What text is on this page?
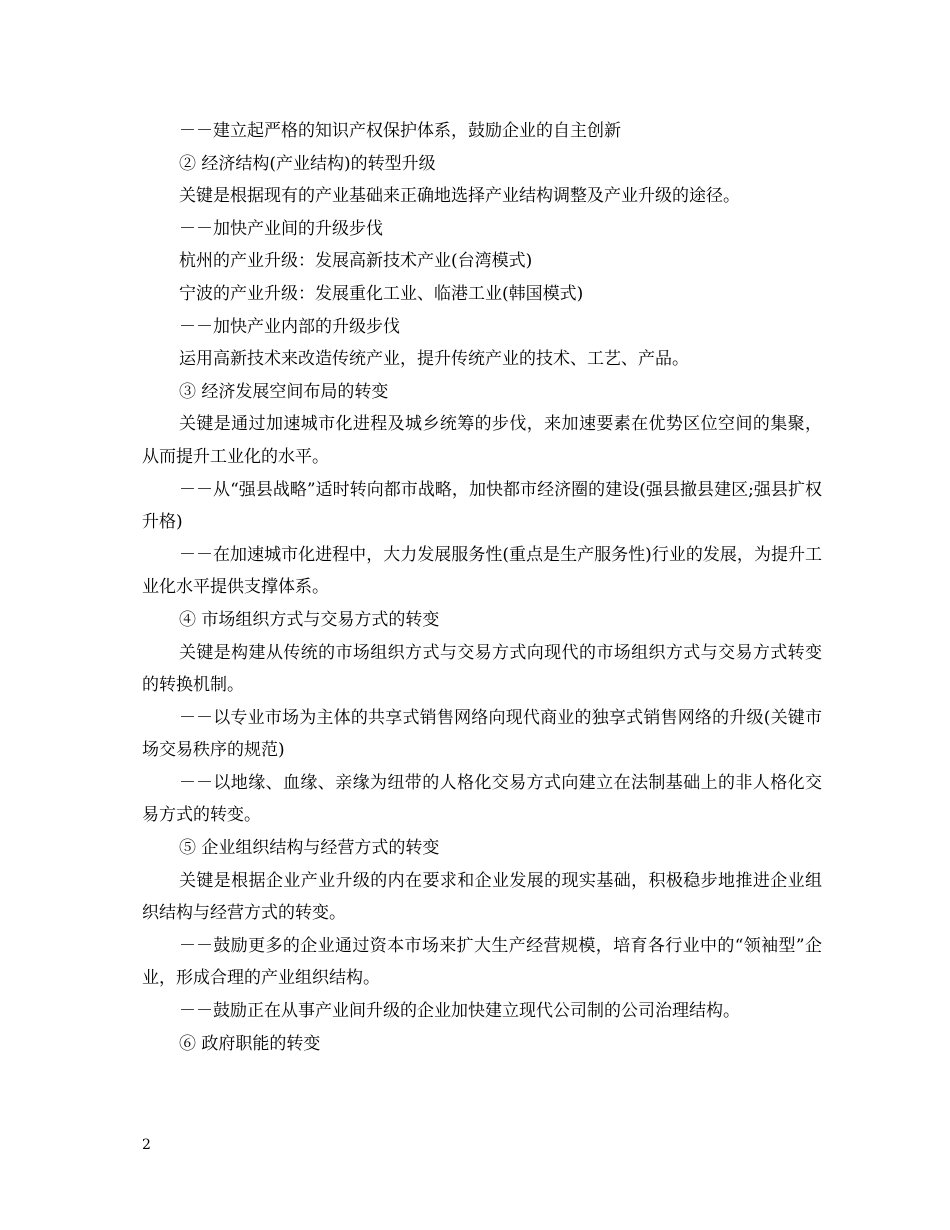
－－建立起严格的知识产权保护体系，鼓励企业的自主创新

② 经济结构(产业结构)的转型升级

关键是根据现有的产业基础来正确地选择产业结构调整及产业升级的途径。

－－加快产业间的升级步伐

杭州的产业升级：发展高新技术产业(台湾模式)

宁波的产业升级：发展重化工业、临港工业(韩国模式)

－－加快产业内部的升级步伐

运用高新技术来改造传统产业，提升传统产业的技术、工艺、产品。

③ 经济发展空间布局的转变

关键是通过加速城市化进程及城乡统筹的步伐，来加速要素在优势区位空间的集聚，从而提升工业化的水平。

－－从“强县战略”适时转向都市战略，加快都市经济圈的建设(强县撤县建区;强县扩权升格)

－－在加速城市化进程中，大力发展服务性(重点是生产服务性)行业的发展，为提升工业化水平提供支撑体系。

④ 市场组织方式与交易方式的转变

关键是构建从传统的市场组织方式与交易方式向现代的市场组织方式与交易方式转变的转换机制。

－－以专业市场为主体的共享式销售网络向现代商业的独享式销售网络的升级(关键市场交易秩序的规范)

－－以地缘、血缘、亲缘为纽带的人格化交易方式向建立在法制基础上的非人格化交易方式的转变。

⑤ 企业组织结构与经营方式的转变

关键是根据企业产业升级的内在要求和企业发展的现实基础，积极稳步地推进企业组织结构与经营方式的转变。

－－鼓励更多的企业通过资本市场来扩大生产经营规模，培育各行业中的“领袖型”企业，形成合理的产业组织结构。

－－鼓励正在从事产业间升级的企业加快建立现代公司制的公司治理结构。

⑥ 政府职能的转变

2
